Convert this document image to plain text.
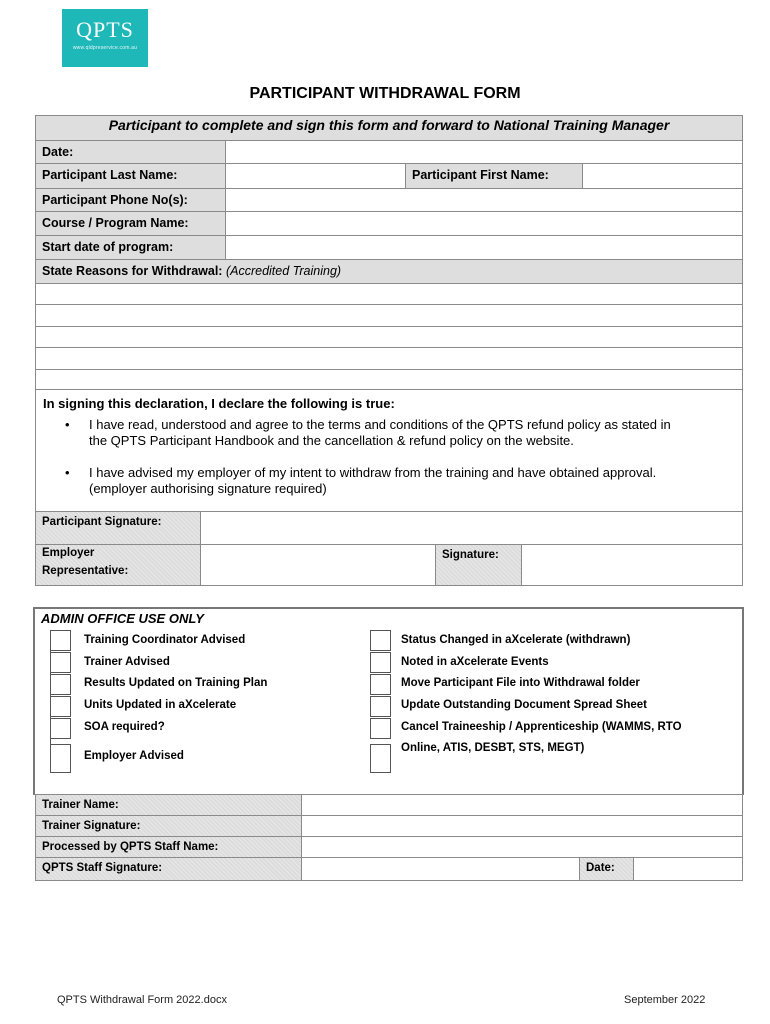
QPTS
www.qldpreservice.com.au
PARTICIPANT WITHDRAWAL FORM
Participant to complete and sign this form and forward to National Training Manager
Date:
Participant Last Name:	Participant First Name:
Participant Phone No(s):
Course / Program Name:
Start date of program:
State Reasons for Withdrawal: (Accredited Training)
In signing this declaration, I declare the following is true:
• I have read, understood and agree to the terms and conditions of the QPTS refund policy as stated in
the QPTS Participant Handbook and the cancellation & refund policy on the website.
• I have advised my employer of my intent to withdraw from the training and have obtained approval.
(employer authorising signature required)
Participant Signature:
Employer
Representative:
Signature:
ADMIN OFFICE USE ONLY
Training Coordinator Advised
Trainer Advised
Results Updated on Training Plan
Units Updated in aXcelerate
SOA required?
Employer Advised
Status Changed in aXcelerate (withdrawn)
Noted in aXcelerate Events
Move Participant File into Withdrawal folder
Update Outstanding Document Spread Sheet
Cancel Traineeship / Apprenticeship (WAMMS, RTO
Online, ATIS, DESBT, STS, MEGT)
Trainer Name:
Trainer Signature:
Processed by QPTS Staff Name:
QPTS Staff Signature:	Date:
QPTS Withdrawal Form 2022.docx	September 2022
